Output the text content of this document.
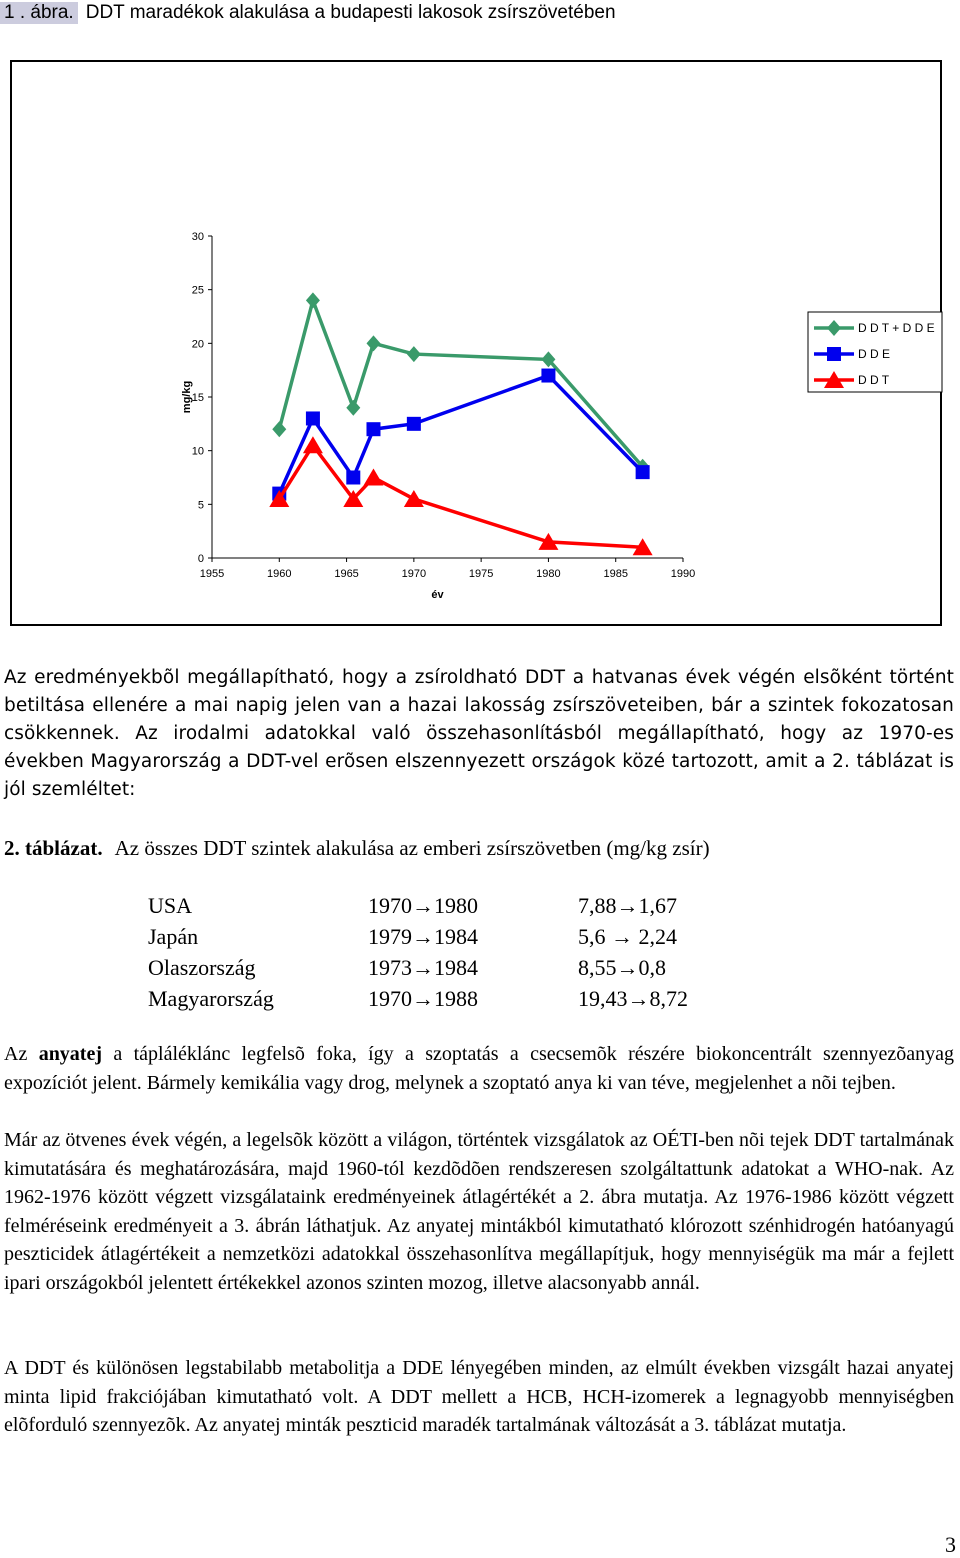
1 . ábra. DDT maradékok alakulása a budapesti lakosok zsírszövetében
0
5
10
15
20
25
30
1955	1960	1965	1970	1975	1980	1985	1990
mg/kg
év
D D T + D D E
D D E
D D T

Az eredményekbõl megállapítható, hogy a zsíroldható DDT a hatvanas évek végén elsõként történt betiltása ellenére a mai napig jelen van a hazai lakosság zsírszöveteiben, bár a szintek fokozatosan csökkennek. Az irodalmi adatokkal való összehasonlításból megállapítható, hogy az 1970-es években Magyarország a DDT-vel erõsen elszennyezett országok közé tartozott, amit a 2. táblázat is jól szemléltet:

2. táblázat. Az összes DDT szintek alakulása az emberi zsírszövetben (mg/kg zsír)
USA	1970→1980	7,88→1,67
Japán	1979→1984	5,6 → 2,24
Olaszország	1973→1984	8,55→0,8
Magyarország	1970→1988	19,43→8,72

Az anyatej a tápláléklánc legfelsõ foka, így a szoptatás a csecsemõk részére biokoncentrált szennyezõanyag expozíciót jelent. Bármely kemikália vagy drog, melynek a szoptató anya ki van téve, megjelenhet a nõi tejben.

Már az ötvenes évek végén, a legelsõk között a világon, történtek vizsgálatok az OÉTI-ben nõi tejek DDT tartalmának kimutatására és meghatározására, majd 1960-tól kezdõdõen rendszeresen szolgáltattunk adatokat a WHO-nak. Az 1962-1976 között végzett vizsgálataink eredményeinek átlagértékét a 2. ábra mutatja. Az 1976-1986 között végzett felméréseink eredményeit a 3. ábrán láthatjuk. Az anyatej mintákból kimutatható klórozott szénhidrogén hatóanyagú peszticidek átlagértékeit a nemzetközi adatokkal összehasonlítva megállapítjuk, hogy mennyiségük ma már a fejlett ipari országokból jelentett értékekkel azonos szinten mozog, illetve alacsonyabb annál.

A DDT és különösen legstabilabb metabolitja a DDE lényegében minden, az elmúlt években vizsgált hazai anyatej minta lipid frakciójában kimutatható volt. A DDT mellett a HCB, HCH-izomerek a legnagyobb mennyiségben elõforduló szennyezõk. Az anyatej minták peszticid maradék tartalmának változását a 3. táblázat mutatja.

3
